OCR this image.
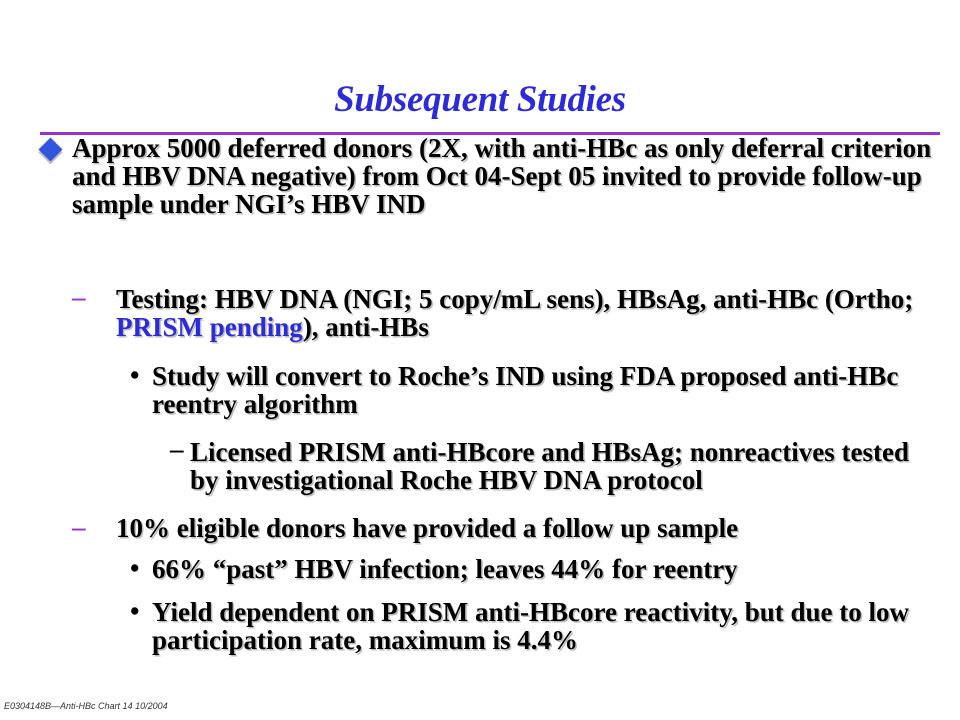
Subsequent Studies
Approx 5000 deferred donors (2X, with anti-HBc as only deferral criterion and HBV DNA negative) from Oct 04-Sept 05 invited to provide follow-up sample under NGI’s HBV IND
– Testing: HBV DNA (NGI; 5 copy/mL sens), HBsAg, anti-HBc (Ortho; PRISM pending), anti-HBs
• Study will convert to Roche’s IND using FDA proposed anti-HBc reentry algorithm
– Licensed PRISM anti-HBcore and HBsAg; nonreactives tested by investigational Roche HBV DNA protocol
– 10% eligible donors have provided a follow up sample
• 66% “past” HBV infection; leaves 44% for reentry
• Yield dependent on PRISM anti-HBcore reactivity, but due to low participation rate, maximum is 4.4%
E0304148B—Anti-HBc Chart 14 10/2004
